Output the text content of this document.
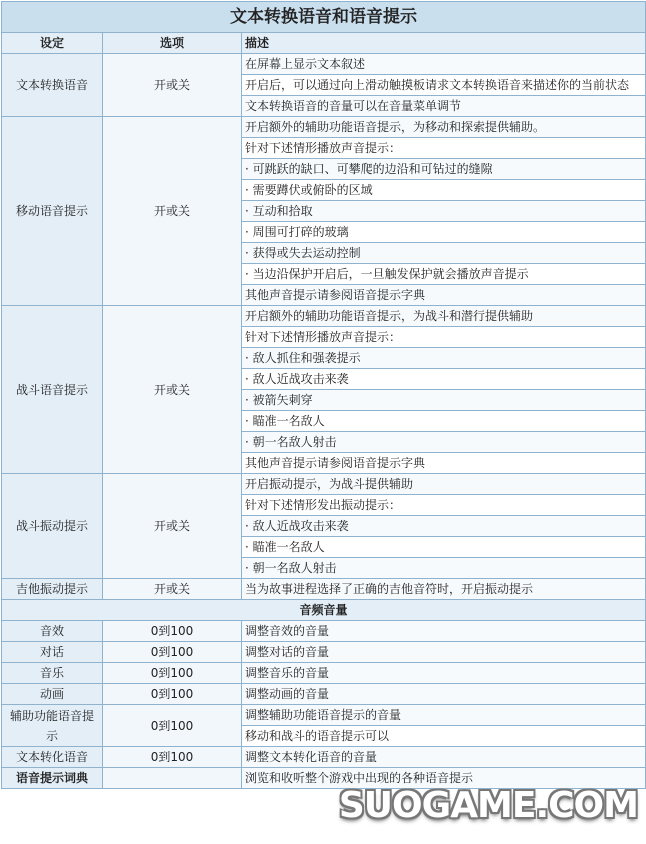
文本转换语音和语音提示		
设定	选项	描述
文本转换语音	开或关	在屏幕上显示文本叙述
		开启后，可以通过向上滑动触摸板请求文本转换语音来描述你的当前状态
		文本转换语音的音量可以在音量菜单调节
移动语音提示	开或关	开启额外的辅助功能语音提示，为移动和探索提供辅助。
		针对下述情形播放声音提示：
		· 可跳跃的缺口、可攀爬的边沿和可钻过的缝隙
		· 需要蹲伏或俯卧的区域
		· 互动和拾取
		· 周围可打碎的玻璃
		· 获得或失去运动控制
		· 当边沿保护开启后，一旦触发保护就会播放声音提示
		其他声音提示请参阅语音提示字典
战斗语音提示	开或关	开启额外的辅助功能语音提示，为战斗和潜行提供辅助
		针对下述情形播放声音提示：
		· 敌人抓住和强袭提示
		· 敌人近战攻击来袭
		· 被箭矢刺穿
		· 瞄准一名敌人
		· 朝一名敌人射击
		其他声音提示请参阅语音提示字典
战斗振动提示	开或关	开启振动提示，为战斗提供辅助
		针对下述情形发出振动提示：
		· 敌人近战攻击来袭
		· 瞄准一名敌人
		· 朝一名敌人射击
吉他振动提示	开或关	当为故事进程选择了正确的吉他音符时，开启振动提示
音频音量		
音效	0到100	调整音效的音量
对话	0到100	调整对话的音量
音乐	0到100	调整音乐的音量
动画	0到100	调整动画的音量
辅助功能语音提示	0到100	调整辅助功能语音提示的音量
		移动和战斗的语音提示可以
文本转化语音	0到100	调整文本转化语音的音量
语音提示词典		浏览和收听整个游戏中出现的各种语音提示
SUOGAME.COM
